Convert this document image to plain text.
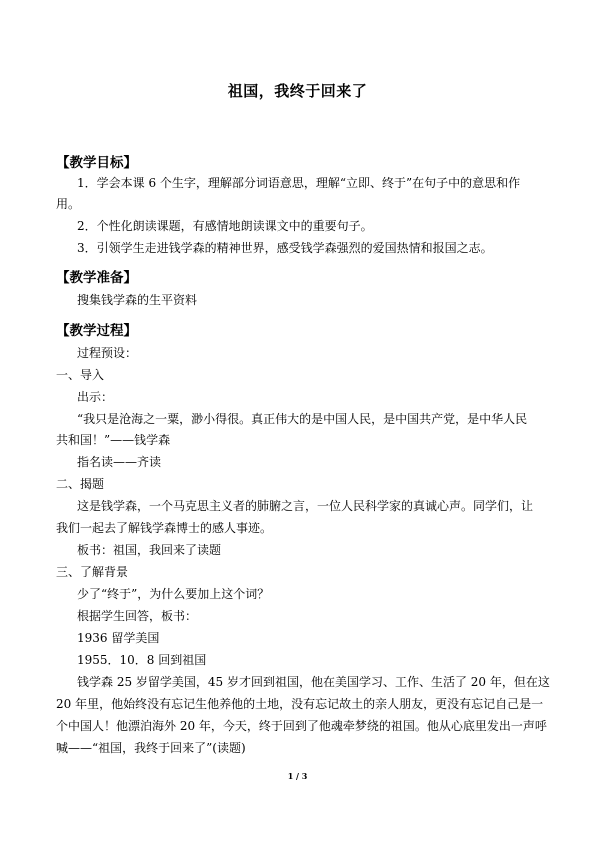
祖国，我终于回来了
【教学目标】
1．学会本课 6 个生字，理解部分词语意思，理解“立即、终于”在句子中的意思和作
用。
2．个性化朗读课题，有感情地朗读课文中的重要句子。
3．引领学生走进钱学森的精神世界，感受钱学森强烈的爱国热情和报国之志。
【教学准备】
搜集钱学森的生平资料
【教学过程】
过程预设：
一、导入
出示：
“我只是沧海之一粟，渺小得很。真正伟大的是中国人民，是中国共产党，是中华人民
共和国！”——钱学森
指名读——齐读
二、揭题
这是钱学森，一个马克思主义者的肺腑之言，一位人民科学家的真诚心声。同学们，让
我们一起去了解钱学森博士的感人事迹。
板书：祖国，我回来了读题
三、了解背景
少了“终于”，为什么要加上这个词？
根据学生回答，板书：
1936 留学美国
1955．10．8 回到祖国
钱学森 25 岁留学美国，45 岁才回到祖国，他在美国学习、工作、生活了 20 年，但在这
20 年里，他始终没有忘记生他养他的土地，没有忘记故土的亲人朋友，更没有忘记自己是一
个中国人！他漂泊海外 20 年，今天，终于回到了他魂牵梦绕的祖国。他从心底里发出一声呼
喊——“祖国，我终于回来了”(读题)
1 / 3
